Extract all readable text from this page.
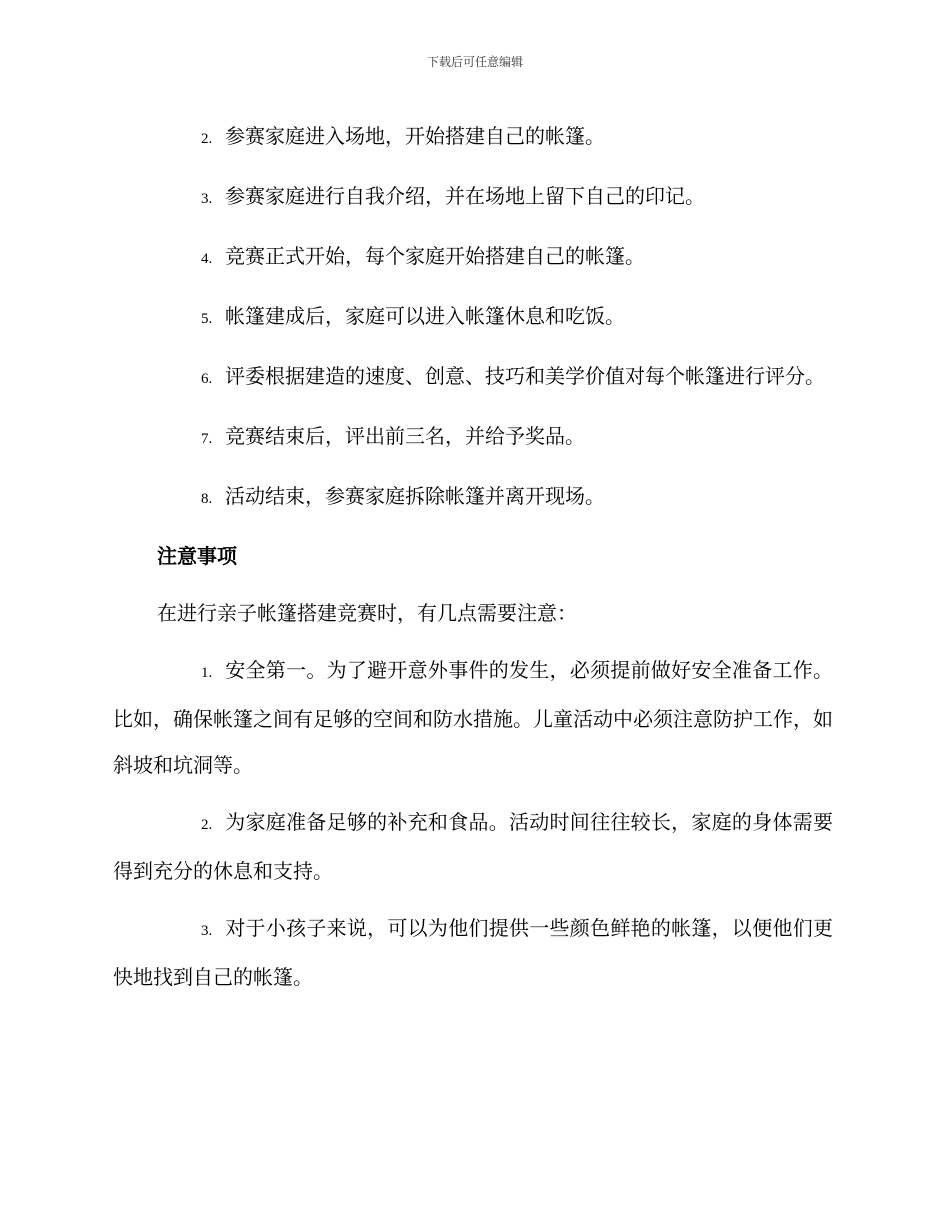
下载后可任意编辑

2. 参赛家庭进入场地，开始搭建自己的帐篷。

3. 参赛家庭进行自我介绍，并在场地上留下自己的印记。

4. 竞赛正式开始，每个家庭开始搭建自己的帐篷。

5. 帐篷建成后，家庭可以进入帐篷休息和吃饭。

6. 评委根据建造的速度、创意、技巧和美学价值对每个帐篷进行评分。

7. 竞赛结束后，评出前三名，并给予奖品。

8. 活动结束，参赛家庭拆除帐篷并离开现场。

注意事项

在进行亲子帐篷搭建竞赛时，有几点需要注意：

1. 安全第一。为了避开意外事件的发生，必须提前做好安全准备工作。比如，确保帐篷之间有足够的空间和防水措施。儿童活动中必须注意防护工作，如斜坡和坑洞等。

2. 为家庭准备足够的补充和食品。活动时间往往较长，家庭的身体需要得到充分的休息和支持。

3. 对于小孩子来说，可以为他们提供一些颜色鲜艳的帐篷，以便他们更快地找到自己的帐篷。
